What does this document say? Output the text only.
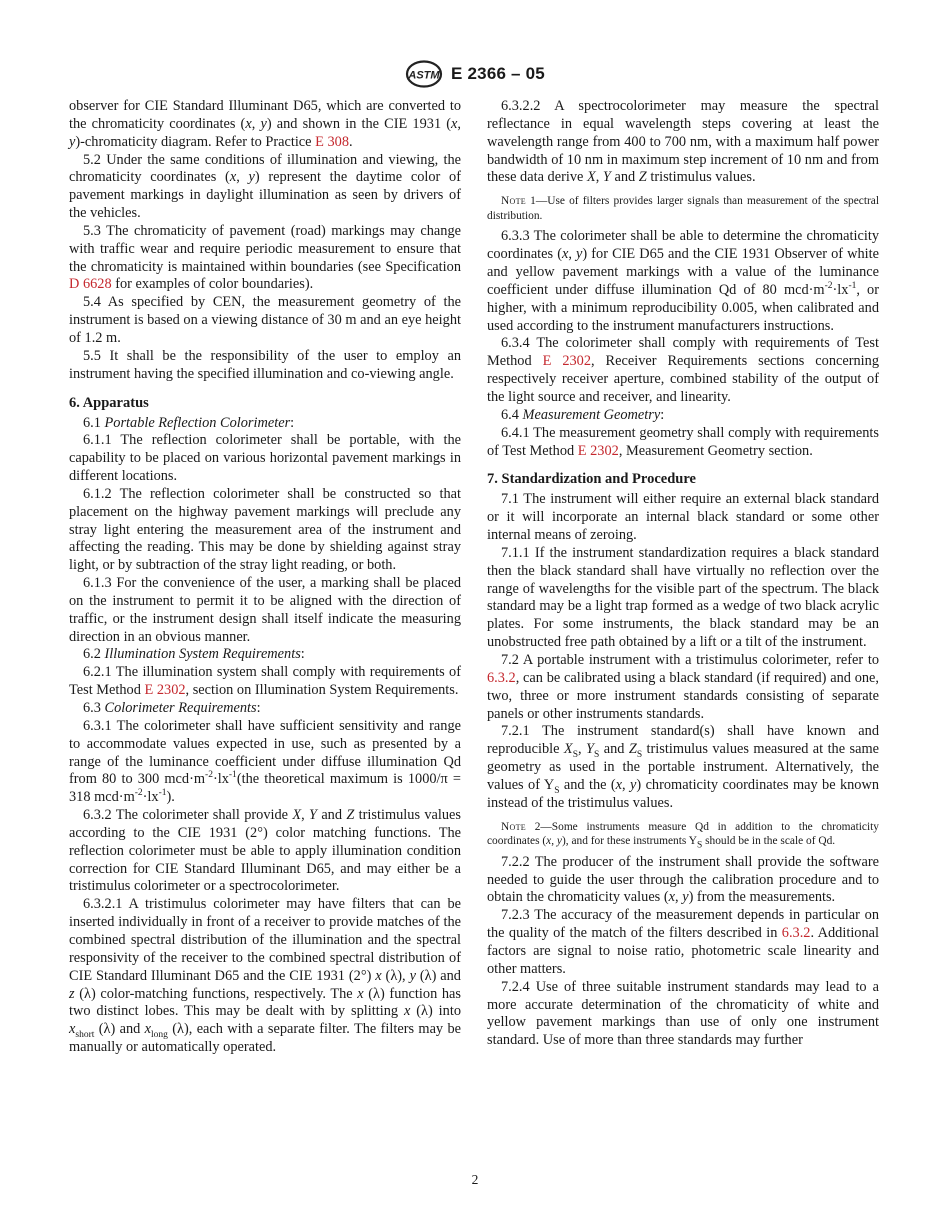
ASTM E 2366 – 05

observer for CIE Standard Illuminant D65, which are converted to the chromaticity coordinates (x, y) and shown in the CIE 1931 (x, y)-chromaticity diagram. Refer to Practice E 308.

5.2 Under the same conditions of illumination and viewing, the chromaticity coordinates (x, y) represent the daytime color of pavement markings in daylight illumination as seen by drivers of the vehicles.

5.3 The chromaticity of pavement (road) markings may change with traffic wear and require periodic measurement to ensure that the chromaticity is maintained within boundaries (see Specification D 6628 for examples of color boundaries).

5.4 As specified by CEN, the measurement geometry of the instrument is based on a viewing distance of 30 m and an eye height of 1.2 m.

5.5 It shall be the responsibility of the user to employ an instrument having the specified illumination and co-viewing angle.

6. Apparatus

6.1 Portable Reflection Colorimeter:

6.1.1 The reflection colorimeter shall be portable, with the capability to be placed on various horizontal pavement markings in different locations.

6.1.2 The reflection colorimeter shall be constructed so that placement on the highway pavement markings will preclude any stray light entering the measurement area of the instrument and affecting the reading. This may be done by shielding against stray light, or by subtraction of the stray light reading, or both.

6.1.3 For the convenience of the user, a marking shall be placed on the instrument to permit it to be aligned with the direction of traffic, or the instrument design shall itself indicate the measuring direction in an obvious manner.

6.2 Illumination System Requirements:

6.2.1 The illumination system shall comply with requirements of Test Method E 2302, section on Illumination System Requirements.

6.3 Colorimeter Requirements:

6.3.1 The colorimeter shall have sufficient sensitivity and range to accommodate values expected in use, such as presented by a range of the luminance coefficient under diffuse illumination Qd from 80 to 300 $mcd\cdot m^{-2}\cdot lx^{-1}(the$ theoretical maximum is 1000/π = 318 $mcd\cdot m^{-2}\cdot lx^{-1}$).

6.3.2 The colorimeter shall provide X, Y and Z tristimulus values according to the CIE 1931 (2°) color matching functions. The reflection colorimeter must be able to apply illumination condition correction for CIE Standard Illuminant D65, and may either be a tristimulus colorimeter or a spectrocolorimeter.

6.3.2.1 A tristimulus colorimeter may have filters that can be inserted individually in front of a receiver to provide matches of the combined spectral distribution of the illumination and the spectral responsivity of the receiver to the combined spectral distribution of CIE Standard Illuminant D65 and the CIE 1931 (2°) x (λ), y (λ) and z (λ) color-matching functions, respectively. The x (λ) function has two distinct lobes. This may be dealt with by splitting x (λ) into $x_{short}$ (λ) and $x_{long}$ (λ), each with a separate filter. The filters may be manually or automatically operated.

6.3.2.2 A spectrocolorimeter may measure the spectral reflectance in equal wavelength steps covering at least the wavelength range from 400 to 700 nm, with a maximum half power bandwidth of 10 nm in maximum step increment of 10 nm and from these data derive X, Y and Z tristimulus values.

Note 1—Use of filters provides larger signals than measurement of the spectral distribution.

6.3.3 The colorimeter shall be able to determine the chromaticity coordinates (x, y) for CIE D65 and the CIE 1931 Observer of white and yellow pavement markings with a value of the luminance coefficient under diffuse illumination Qd of 80 $mcd\cdot m^{-2}\cdot lx^{-1}$, or higher, with a minimum reproducibility 0.005, when calibrated and used according to the instrument manufacturers instructions.

6.3.4 The colorimeter shall comply with requirements of Test Method E 2302, Receiver Requirements sections concerning respectively receiver aperture, combined stability of the output of the light source and receiver, and linearity.

6.4 Measurement Geometry:

6.4.1 The measurement geometry shall comply with requirements of Test Method E 2302, Measurement Geometry section.

7. Standardization and Procedure

7.1 The instrument will either require an external black standard or it will incorporate an internal black standard or some other internal means of zeroing.

7.1.1 If the instrument standardization requires a black standard then the black standard shall have virtually no reflection over the range of wavelengths for the visible part of the spectrum. The black standard may be a light trap formed as a wedge of two black acrylic plates. For some instruments, the black standard may be an unobstructed free path obtained by a lift or a tilt of the instrument.

7.2 A portable instrument with a tristimulus colorimeter, refer to 6.3.2, can be calibrated using a black standard (if required) and one, two, three or more instrument standards consisting of separate panels or other instruments standards.

7.2.1 The instrument standard(s) shall have known and reproducible $X_S$, $Y_S$ and $Z_S$ tristimulus values measured at the same geometry as used in the portable instrument. Alternatively, the values of $Y_S$ and the (x, y) chromaticity coordinates may be known instead of the tristimulus values.

Note 2—Some instruments measure Qd in addition to the chromaticity coordinates (x, y), and for these instruments $Y_S$ should be in the scale of Qd.

7.2.2 The producer of the instrument shall provide the software needed to guide the user through the calibration procedure and to obtain the chromaticity values (x, y) from the measurements.

7.2.3 The accuracy of the measurement depends in particular on the quality of the match of the filters described in 6.3.2. Additional factors are signal to noise ratio, photometric scale linearity and other matters.

7.2.4 Use of three suitable instrument standards may lead to a more accurate determination of the chromaticity of white and yellow pavement markings than use of only one instrument standard. Use of more than three standards may further

2
